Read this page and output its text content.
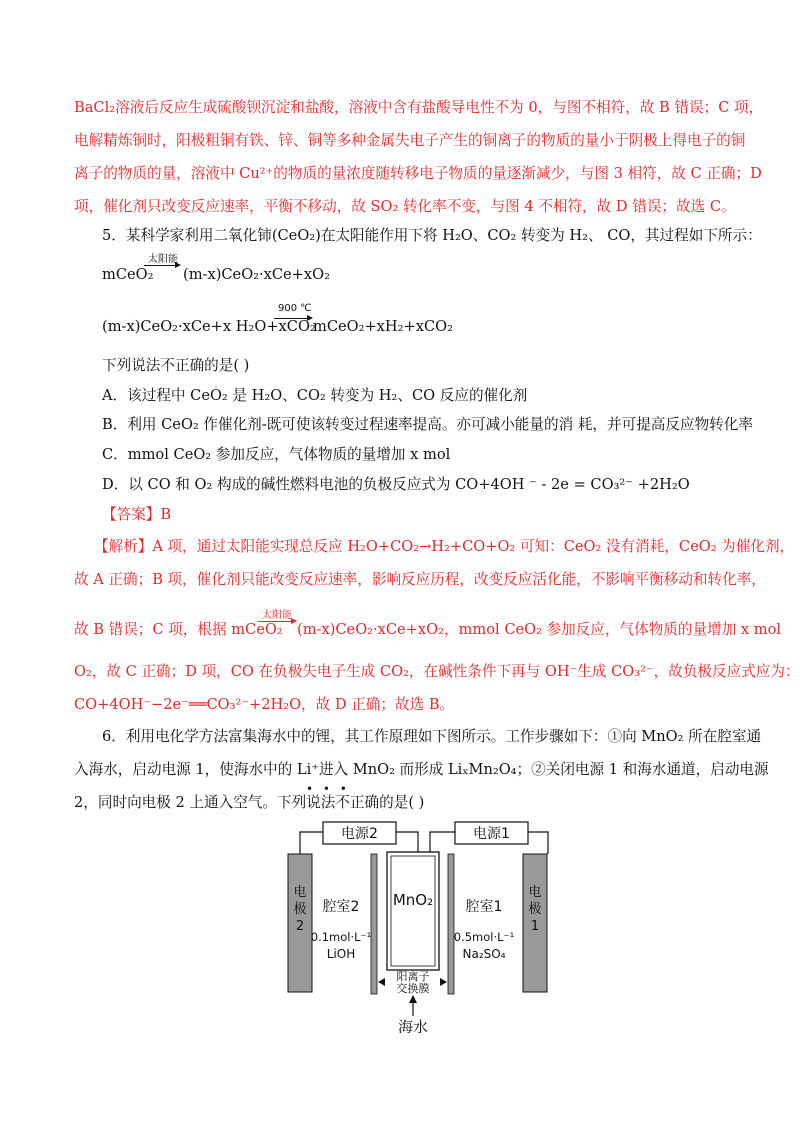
BaCl₂溶液后反应生成硫酸钡沉淀和盐酸，溶液中含有盐酸导电性不为 0，与图不相符，故 B 错误；C 项，
电解精炼铜时，阳极粗铜有铁、锌、铜等多种金属失电子产生的铜离子的物质的量小于阴极上得电子的铜
离子的物质的量，溶液中 Cu²⁺的物质的量浓度随转移电子物质的量逐渐减少，与图 3 相符，故 C 正确；D
项，催化剂只改变反应速率，平衡不移动，故 SO₂ 转化率不变，与图 4 不相符，故 D 错误；故选 C。
5．某科学家利用二氧化铈(CeO₂)在太阳能作用下将 H₂O、CO₂ 转变为 H₂、 CO，其过程如下所示：
mCeO₂
太阳能
(m-x)CeO₂·xCe+xO₂
(m-x)CeO₂·xCe+x H₂O+xCO₂
900 ℃
mCeO₂+xH₂+xCO₂
下列说法不正确的是( )
A．该过程中 CeO₂ 是 H₂O、CO₂ 转变为 H₂、CO 反应的催化剂
B．利用 CeO₂ 作催化剂-既可使该转变过程速率提高。亦可减小能量的消 耗，并可提高反应物转化率
C．mmol CeO₂ 参加反应，气体物质的量增加 x mol
D．以 CO 和 O₂ 构成的碱性燃料电池的负极反应式为 CO+4OH ⁻ - 2e = CO₃²⁻ +2H₂O
【答案】B
【解析】A 项，通过太阳能实现总反应 H₂O+CO₂→H₂+CO+O₂ 可知：CeO₂ 没有消耗，CeO₂ 为催化剂，
故 A 正确；B 项，催化剂只能改变反应速率，影响反应历程，改变反应活化能，不影响平衡移动和转化率，
故 B 错误；C 项，根据 mCeO₂
太阳能
(m-x)CeO₂·xCe+xO₂，mmol CeO₂ 参加反应，气体物质的量增加 x mol
O₂，故 C 正确；D 项，CO 在负极失电子生成 CO₂，在碱性条件下再与 OH⁻生成 CO₃²⁻，故负极反应式应为：
CO+4OH⁻−2e⁻══CO₃²⁻+2H₂O，故 D 正确；故选 B。
6．利用电化学方法富集海水中的锂，其工作原理如下图所示。工作步骤如下：①向 MnO₂ 所在腔室通
入海水，启动电源 1，使海水中的 Li⁺进入 MnO₂ 而形成 LiₓMn₂O₄；②关闭电源 1 和海水通道，启动电源
• • •
2，同时向电极 2 上通入空气。下列说法不正确的是( )
电源2	电源1
电
极
2
电
极
1
MnO₂
腔室2
0.1mol·L⁻¹
LiOH
腔室1
0.5mol·L⁻¹
Na₂SO₄
阳离子
交换膜
海水
